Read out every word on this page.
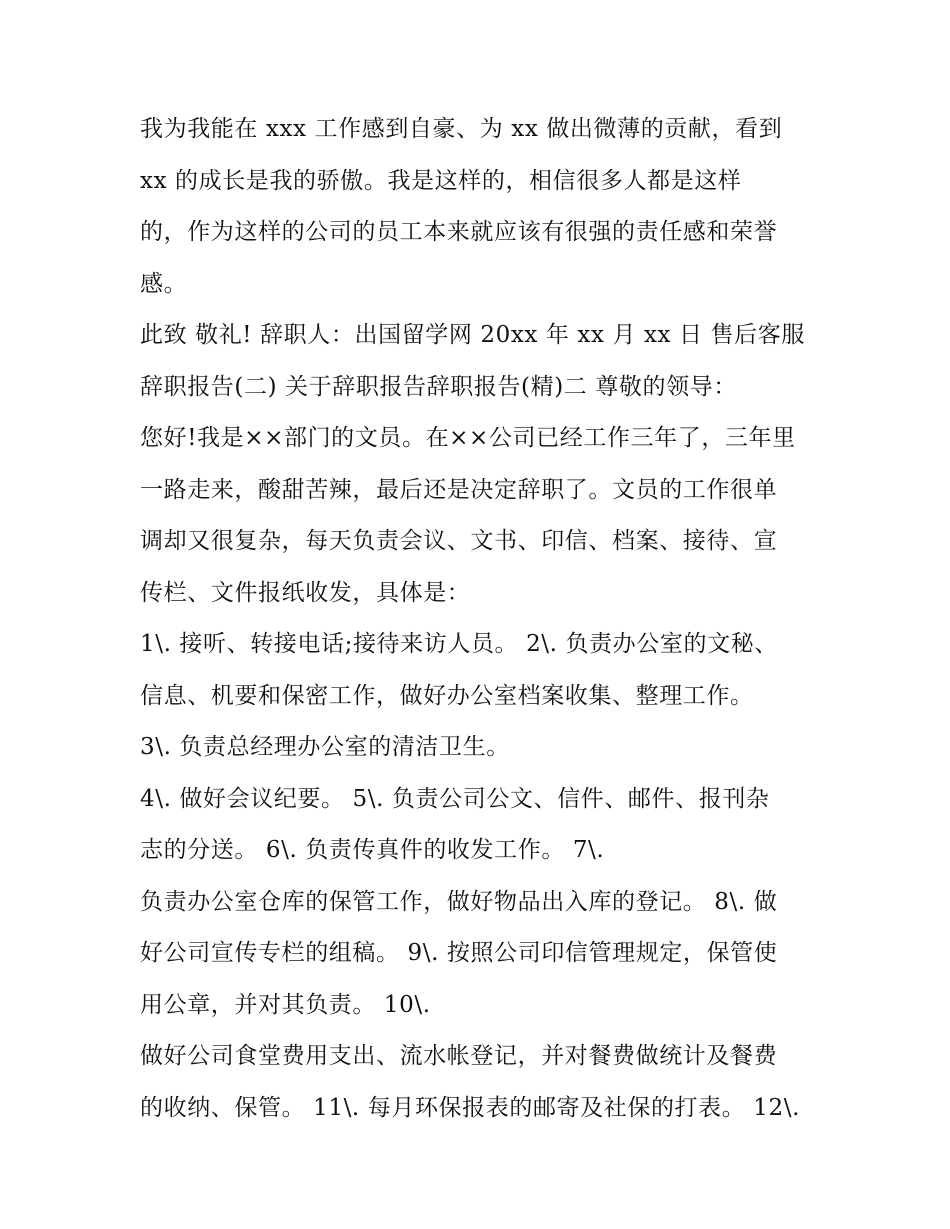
我为我能在 xxx 工作感到自豪、为 xx 做出微薄的贡献，看到
xx 的成长是我的骄傲。我是这样的，相信很多人都是这样
的，作为这样的公司的员工本来就应该有很强的责任感和荣誉
感。
此致 敬礼! 辞职人：出国留学网 20xx 年 xx 月 xx 日 售后客服
辞职报告(二) 关于辞职报告辞职报告(精)二 尊敬的领导：
您好!我是××部门的文员。在××公司已经工作三年了，三年里
一路走来，酸甜苦辣，最后还是决定辞职了。文员的工作很单
调却又很复杂，每天负责会议、文书、印信、档案、接待、宣
传栏、文件报纸收发，具体是：
1\. 接听、转接电话;接待来访人员。 2\. 负责办公室的文秘、
信息、机要和保密工作，做好办公室档案收集、整理工作。
3\. 负责总经理办公室的清洁卫生。
4\. 做好会议纪要。 5\. 负责公司公文、信件、邮件、报刊杂
志的分送。 6\. 负责传真件的收发工作。 7\.
负责办公室仓库的保管工作，做好物品出入库的登记。 8\. 做
好公司宣传专栏的组稿。 9\. 按照公司印信管理规定，保管使
用公章，并对其负责。 10\.
做好公司食堂费用支出、流水帐登记，并对餐费做统计及餐费
的收纳、保管。 11\. 每月环保报表的邮寄及社保的打表。 12\.
